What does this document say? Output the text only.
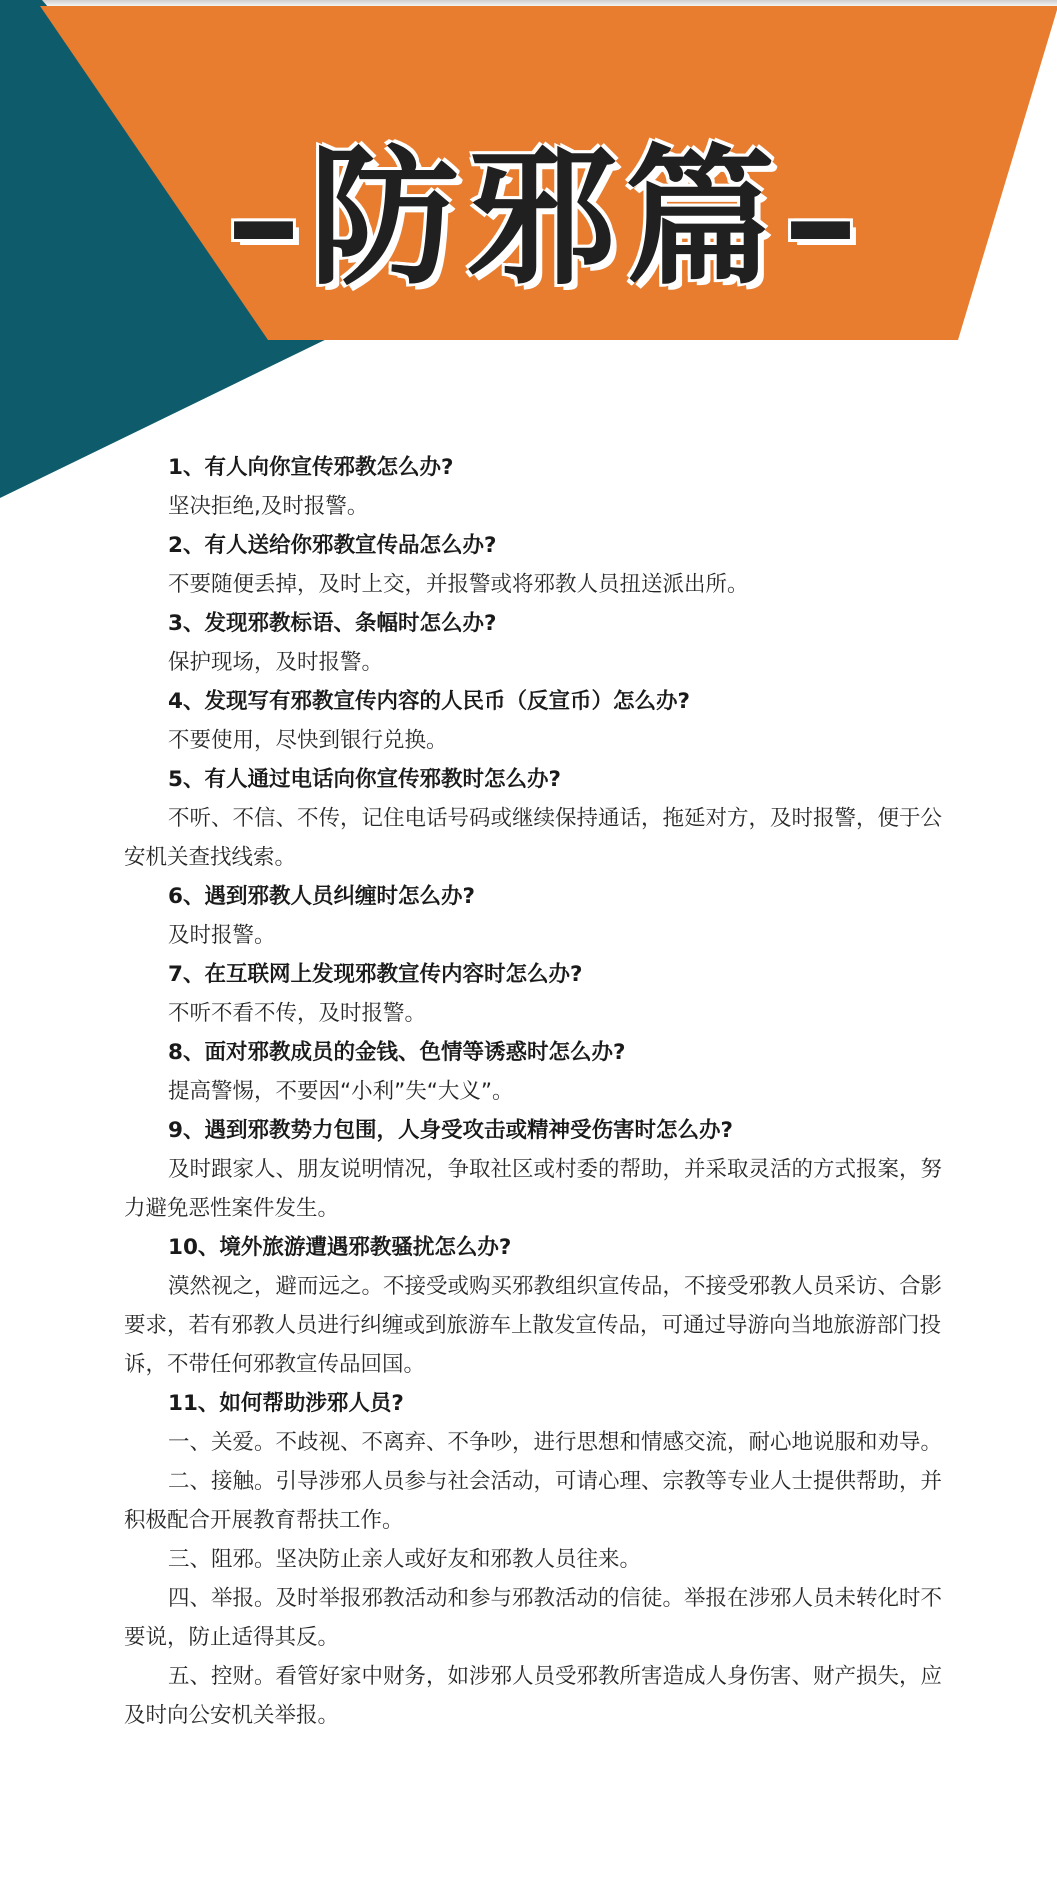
–防邪篇–

1、有人向你宣传邪教怎么办?

坚决拒绝,及时报警。

2、有人送给你邪教宣传品怎么办?

不要随便丢掉，及时上交，并报警或将邪教人员扭送派出所。

3、发现邪教标语、条幅时怎么办?

保护现场，及时报警。

4、发现写有邪教宣传内容的人民币（反宣币）怎么办?

不要使用，尽快到银行兑换。

5、有人通过电话向你宣传邪教时怎么办?

不听、不信、不传，记住电话号码或继续保持通话，拖延对方，及时报警，便于公安机关查找线索。

6、遇到邪教人员纠缠时怎么办?

及时报警。

7、在互联网上发现邪教宣传内容时怎么办?

不听不看不传，及时报警。

8、面对邪教成员的金钱、色情等诱惑时怎么办?

提高警惕，不要因“小利”失“大义”。

9、遇到邪教势力包围，人身受攻击或精神受伤害时怎么办?

及时跟家人、朋友说明情况，争取社区或村委的帮助，并采取灵活的方式报案，努力避免恶性案件发生。

10、境外旅游遭遇邪教骚扰怎么办?

漠然视之，避而远之。不接受或购买邪教组织宣传品，不接受邪教人员采访、合影要求，若有邪教人员进行纠缠或到旅游车上散发宣传品，可通过导游向当地旅游部门投诉，不带任何邪教宣传品回国。

11、如何帮助涉邪人员?

一、关爱。不歧视、不离弃、不争吵，进行思想和情感交流，耐心地说服和劝导。

二、接触。引导涉邪人员参与社会活动，可请心理、宗教等专业人士提供帮助，并积极配合开展教育帮扶工作。

三、阻邪。坚决防止亲人或好友和邪教人员往来。

四、举报。及时举报邪教活动和参与邪教活动的信徒。举报在涉邪人员未转化时不要说，防止适得其反。

五、控财。看管好家中财务，如涉邪人员受邪教所害造成人身伤害、财产损失，应及时向公安机关举报。
